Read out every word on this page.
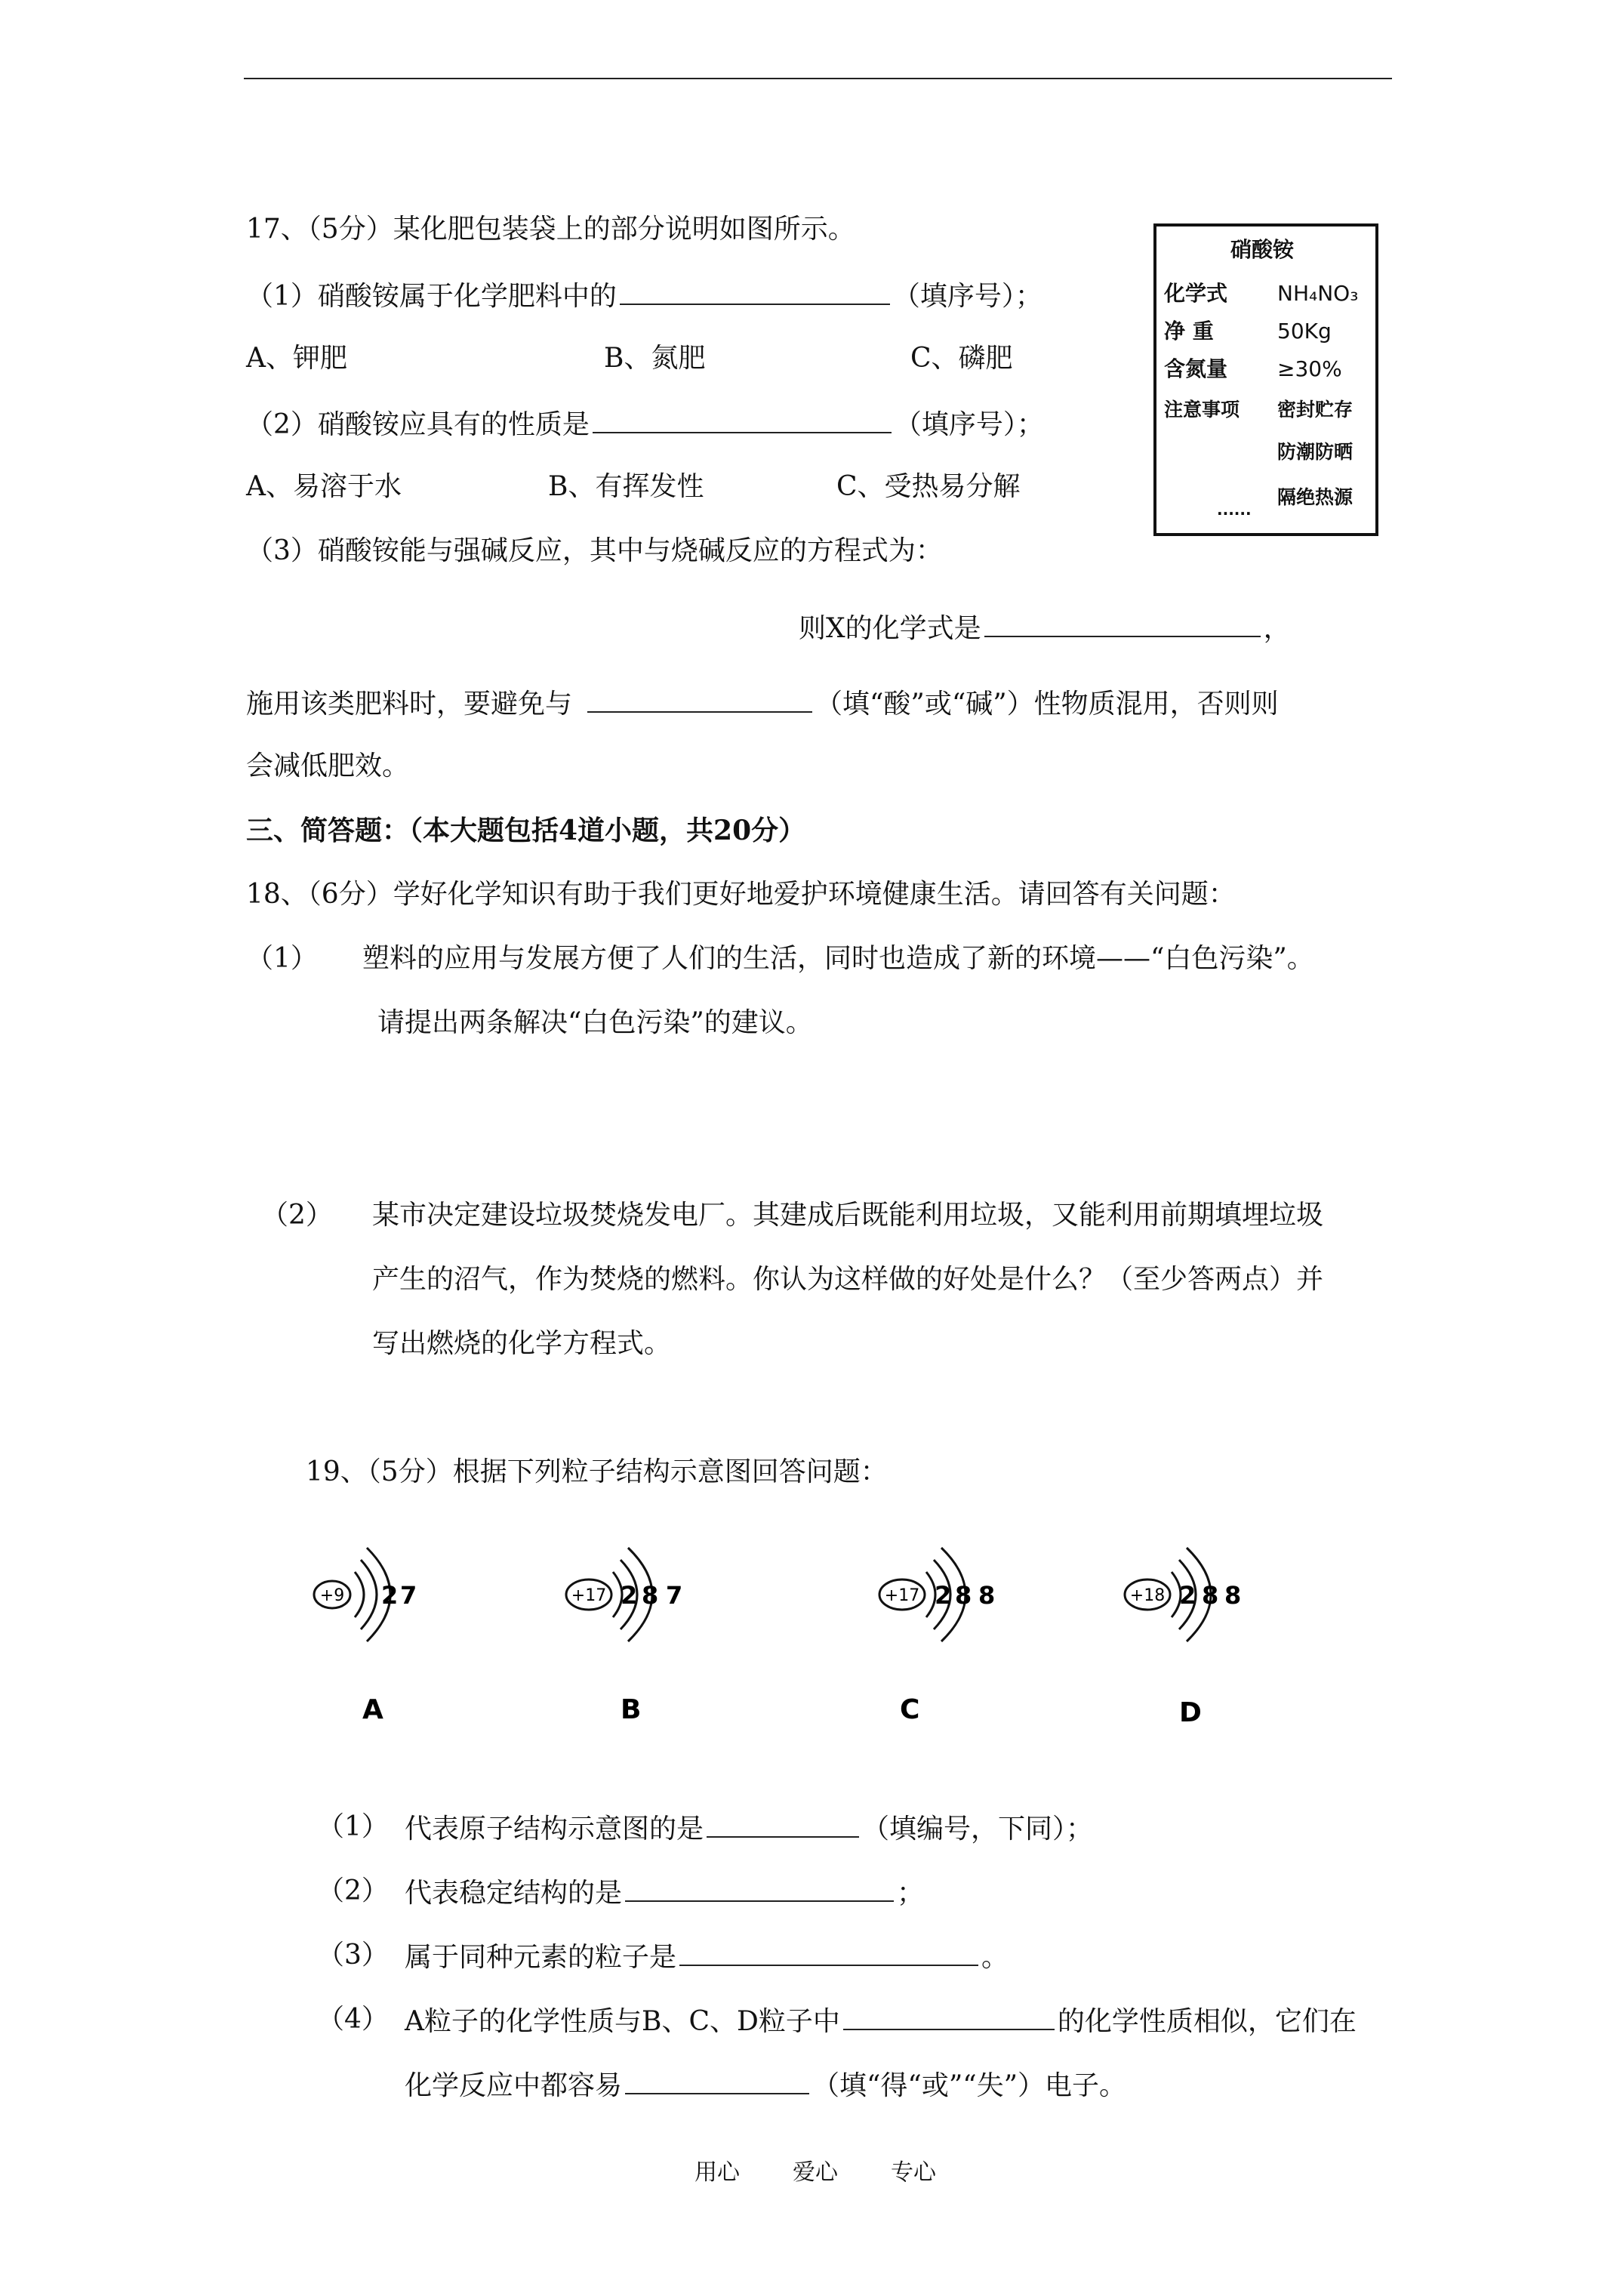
17、（5分）某化肥包装袋上的部分说明如图所示。
（1）硝酸铵属于化学肥料中的	（填序号）；
A、钾肥	B、氮肥	C、磷肥
（2）硝酸铵应具有的性质是	（填序号）；
A、易溶于水	B、有挥发性	C、受热易分解
（3）硝酸铵能与强碱反应，其中与烧碱反应的方程式为：
则X的化学式是	，
施用该类肥料时，要避免与	（填“酸”或“碱”）性物质混用，否则则
会减低肥效。
硝酸铵
化学式 NH₄NO₃
净 重	50Kg
含氮量 ≥30%
注意事项 密封贮存
防潮防晒
隔绝热源
......
三、简答题：（本大题包括4道小题，共20分）
18、（6分）学好化学知识有助于我们更好地爱护环境健康生活。请回答有关问题：
（1） 塑料的应用与发展方便了人们的生活，同时也造成了新的环境——“白色污染”。
请提出两条解决“白色污染”的建议。
（2） 某市决定建设垃圾焚烧发电厂。其建成后既能利用垃圾，又能利用前期填埋垃圾
产生的沼气，作为焚烧的燃料。你认为这样做的好处是什么？（至少答两点）并
写出燃烧的化学方程式。
19、（5分）根据下列粒子结构示意图回答问题：
+9 2 7
A
+17 2 8 7
B
+17 2 8 8
C
+18 2 8 8
D
（1） 代表原子结构示意图的是	（填编号，下同）；
（2） 代表稳定结构的是	；
（3） 属于同种元素的粒子是	。
（4） A粒子的化学性质与B、C、D粒子中	的化学性质相似，它们在
化学反应中都容易	（填“得“或”“失”）电子。
用心 爱心 专心
